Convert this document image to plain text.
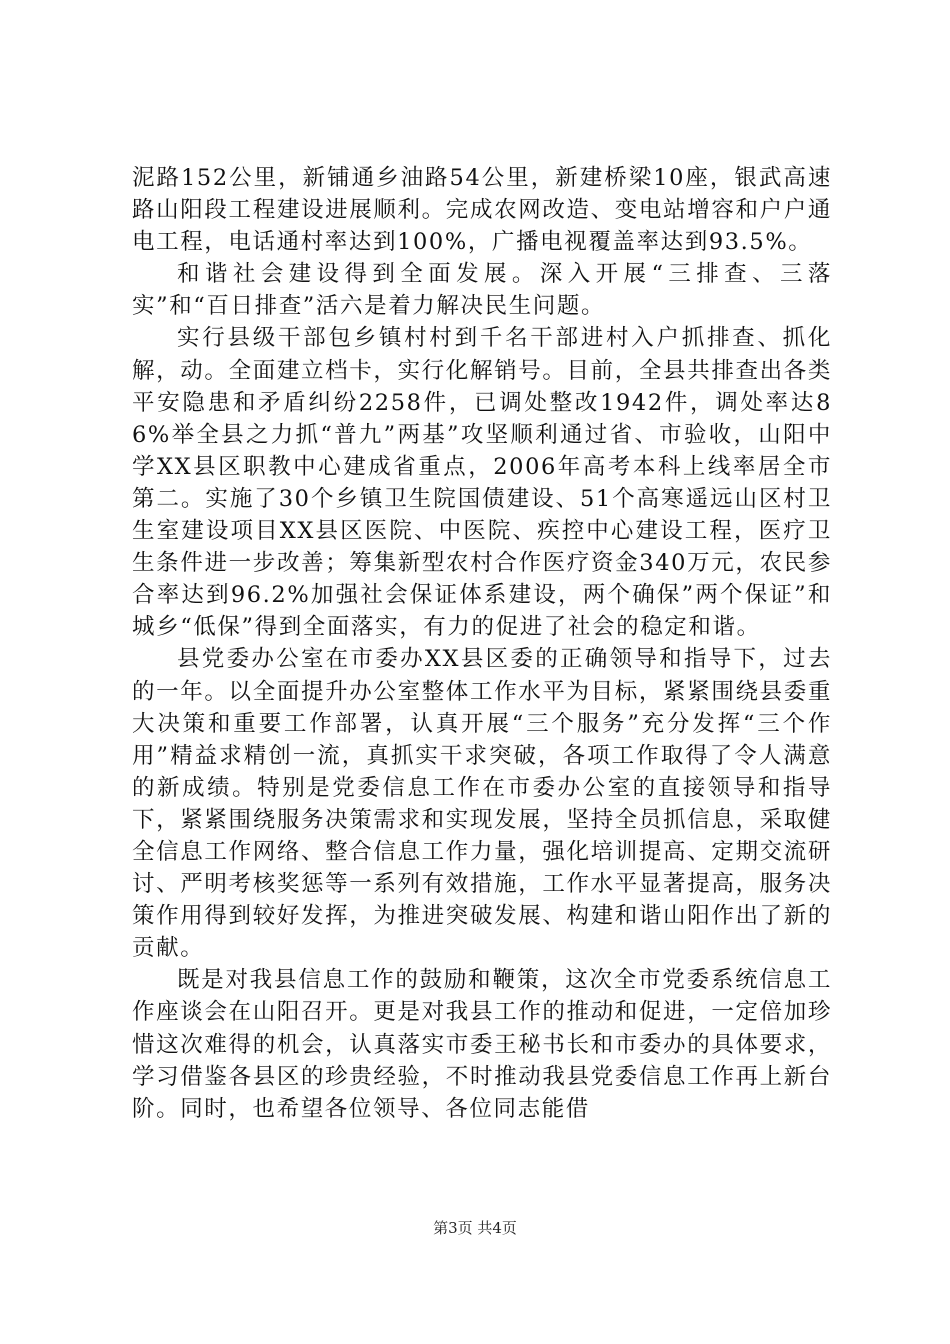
泥路152公里，新铺通乡油路54公里，新建桥梁10座，银武高速路山阳段工程建设进展顺利。完成农网改造、变电站增容和户户通电工程，电话通村率达到100%，广播电视覆盖率达到93.5%。

和谐社会建设得到全面发展。深入开展“三排查、三落实”和“百日排查”活六是着力解决民生问题。

实行县级干部包乡镇村村到千名干部进村入户抓排查、抓化解，动。全面建立档卡，实行化解销号。目前，全县共排查出各类平安隐患和矛盾纠纷2258件，已调处整改1942件，调处率达86%举全县之力抓“普九”两基”攻坚顺利通过省、市验收，山阳中学XX县区职教中心建成省重点，2006年高考本科上线率居全市第二。实施了30个乡镇卫生院国债建设、51个高寒遥远山区村卫生室建设项目XX县区医院、中医院、疾控中心建设工程，医疗卫生条件进一步改善；筹集新型农村合作医疗资金340万元，农民参合率达到96.2%加强社会保证体系建设，两个确保”两个保证”和城乡“低保”得到全面落实，有力的促进了社会的稳定和谐。

县党委办公室在市委办XX县区委的正确领导和指导下，过去的一年。以全面提升办公室整体工作水平为目标，紧紧围绕县委重大决策和重要工作部署，认真开展“三个服务”充分发挥“三个作用”精益求精创一流，真抓实干求突破，各项工作取得了令人满意的新成绩。特别是党委信息工作在市委办公室的直接领导和指导下，紧紧围绕服务决策需求和实现发展，坚持全员抓信息，采取健全信息工作网络、整合信息工作力量，强化培训提高、定期交流研讨、严明考核奖惩等一系列有效措施，工作水平显著提高，服务决策作用得到较好发挥，为推进突破发展、构建和谐山阳作出了新的贡献。

既是对我县信息工作的鼓励和鞭策，这次全市党委系统信息工作座谈会在山阳召开。更是对我县工作的推动和促进，一定倍加珍惜这次难得的机会，认真落实市委王秘书长和市委办的具体要求，学习借鉴各县区的珍贵经验，不时推动我县党委信息工作再上新台阶。同时，也希望各位领导、各位同志能借

第3页 共4页
